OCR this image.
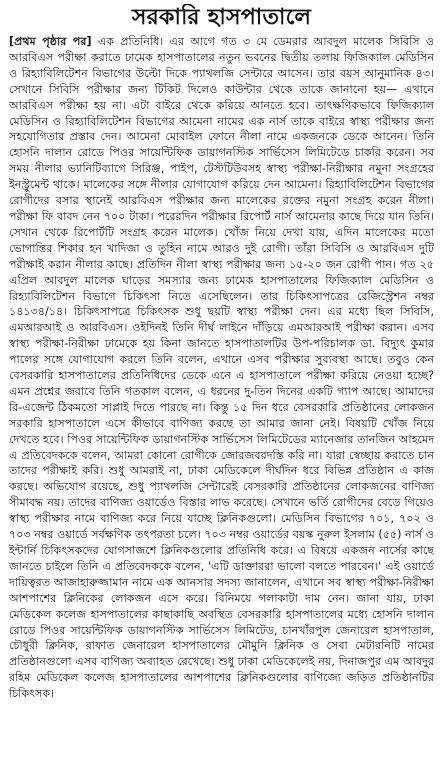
সরকারি হাসপাতালে

[প্রথম পৃষ্ঠার পর] এক প্রতিনিধি। এর আগে গত ৩ মে ডেমরার আবদুল মালেক সিবিসি ও আরবিএস পরীক্ষা করাতে ঢামেক হাসপাতালের নতুন ভবনের দ্বিতীয় তলায় ফিজিক্যাল মেডিসিন ও রিহ্যাবিলিটেশন বিভাগের উল্টো দিকে প্যাথলজি সেন্টারে আসেন। তার বয়স আনুমানিক ৪৩। সেখানে সিবিসি পরীক্ষার জন্য টিকিট দিলেও কাউন্টার থেকে তাকে জানানো হয়— এখানে আরবিএস পরীক্ষা হয় না। এটা বাইরে থেকে করিয়ে আনতে হবে। তাৎক্ষণিকভাবে ফিজিক্যাল মেডিসিন ও রিহ্যাবিলিটেশন বিভাগের আমেনা নামের এক নার্স তাকে বাইরে স্বাস্থ্য পরীক্ষার জন্য সহযোগিতার প্রস্তাব দেন। আমেনা মোবাইল ফোনে নীলা নামে একজনকে ডেকে আনেন। তিনি হোসনি দালান রোডে পিওর সায়েন্টিফিক ডায়াগনস্টিক সার্ভিসেস লিমিটেডে চাকরি করেন। সব সময় নীলার ভ্যানিটিব্যাগে সিরিঞ্জ, পাইপ, টেস্টটিউবসহ স্বাস্থ্য পরীক্ষা-নিরীক্ষার নমুনা সংগ্রহের ইনস্ট্রুমেন্ট থাকে। মালেকের সঙ্গে নীলার যোগাযোগ করিয়ে দেন আমেনা। রিহ্যাবিলিটেশন বিভাগের রোগীদের বসার স্থানেই আরবিএস পরীক্ষার জন্য মালেকের রক্তের নমুনা সংগ্রহ করেন নীলা। পরীক্ষা ফি বাবদ নেন ৭০০ টাকা। পরেরদিন পরীক্ষার রিপোর্ট নার্স আমেনার কাছে দিয়ে যান তিনি। সেখান থেকে রিপোর্টটি সংগ্রহ করেন মালেক। খোঁজ নিয়ে দেখা যায়, এদিন মালেকের মতো ভোগান্তির শিকার হন খাদিজা ও তুহিন নামে আরও দুই রোগী। তাঁরা সিবিসি ও আরবিএস দুটি পরীক্ষাই করান নীলার কাছে। প্রতিদিন নীলা স্বাস্থ্য পরীক্ষার জন্য ১৫-২০ জন রোগী পান। গত ২৫ এপ্রিল আবদুল মালেক ঘাড়ের সমস্যার জন্য ঢামেক হাসপাতালের ফিজিক্যাল মেডিসিন ও রিহ্যাবিলিটেশন বিভাগে চিকিৎসা নিতে এসেছিলেন। তার চিকিৎসাপত্রের রেজিস্ট্রেশন নম্বর ১৪১৩৪/১৪। চিকিৎসাপত্রে চিকিৎসক শুধু ছয়টি স্বাস্থ্য পরীক্ষা দেন। এর মধ্যে ছিল সিবিসি, এমআরআই ও আরবিএস। ওইদিনই তিনি দীর্ঘ লাইনে দাঁড়িয়ে এমআরআই পরীক্ষা করান। এসব স্বাস্থ্য পরীক্ষা-নিরীক্ষা ঢামেকে হয় কিনা জানতে হাসপাতালটির উপ-পরিচালক ডা. বিদ্যুৎ কুমার পালের সঙ্গে যোগাযোগ করলে তিনি বলেন, এখানে এসব পরীক্ষার সুব্যবস্থা আছে। তবুও কেন বেসরকারি হাসপাতালের প্রতিনিধিদের ডেকে এনে এ হাসপাতালে পরীক্ষা করিয়ে নেওয়া হচ্ছে? এমন প্রশ্নের জবাবে তিনি গতকাল বলেন, এ ধরনের দু-তিন দিনের একটি গ্যাপ আছে। আমাদের রি-এজেন্ট ঠিকমতো সাপ্লাই দিতে পারছে না। কিন্তু ১৫ দিন ধরে বেসরকারি প্রতিষ্ঠানের লোকজন সরকারি হাসপাতালে এসে কীভাবে বাণিজ্য করছে তা আমার জানা নেই। বিষয়টি খোঁজ নিয়ে দেখতে হবে। পিওর সায়েন্টিফিক ডায়াগনস্টিক সার্ভিসেস লিমিটেডের ম্যানেজার তানজিন আহমেদ এ প্রতিবেদককে বলেন, আমরা কোনো রোগীকে জোরজবরদস্তি করি না। যারা স্বেচ্ছায় করাতে চান তাদের পরীক্ষাই করি। শুধু আমরাই না, ঢাকা মেডিকেলে দীর্ঘদিন ধরে বিভিন্ন প্রতিষ্ঠান এ কাজ করছে। অভিযোগ রয়েছে, শুধু প্যাথলজি সেন্টারেই বেসরকারি প্রতিষ্ঠানের লোকজনের বাণিজ্য সীমাবদ্ধ নয়। তাদের বাণিজ্য ওয়ার্ডেও বিস্তার লাভ করেছে। সেখানে ভর্তি রোগীদের বেডে গিয়েও স্বাস্থ্য পরীক্ষার নামে বাণিজ্য করে নিয়ে যাচ্ছে ক্লিনিকগুলো। মেডিসিন বিভাগের ৭০১, ৭০২ ও ৭০৩ নম্বর ওয়ার্ডে সর্বক্ষণিক তৎপরতা চলে। ৭০৩ নম্বর ওয়ার্ডের বয়স্ক নুরুল ইসলাম (৫৫) নার্স ও ইন্টার্নি চিকিৎসকদের যোগসাজশে ক্লিনিকগুলোর প্রতিনিধি করে। এ বিষয়ে একজন নার্সের কাছে জানতে চাইলে তিনি এ প্রতিবেদককে বলেন, 'এটি ডাক্তাররা ভালো বলতে পারবেন।' এই ওয়ার্ডে দায়িত্বরত আজাহারুজ্জামান নামে এক আনসার সদস্য জানালেন, এখানে সব স্বাস্থ্য পরীক্ষা-নিরীক্ষা আশপাশের ক্লিনিকের লোকজন এসে করে। বিনিময়ে গলাকাটা দাম নেন। জানা যায়, ঢাকা মেডিকেল কলেজ হাসপাতালের কাছাকাছি অবস্থিত বেসরকারি হাসপাতালের মধ্যে হোসনি দালান রোডে পিওর সায়েন্টিফিক ডায়াগনস্টিক সার্ভিসেস লিমিটেড, চানখাঁরপুল জেনারেল হাসপাতাল, চৌধুরী ক্লিনিক, রাফাত জেনারেল হাসপাতালের মৌমুনি ক্লিনিক ও সেবা মেটারনিটি নামের প্রতিষ্ঠানগুলো এসব বাণিজ্য অব্যাহত রেখেছে। শুধু ঢাকা মেডিকেলেই নয়, দিনাজপুর এম আবদুর রহিম মেডিকেল কলেজ হাসপাতালের আশপাশের ক্লিনিকগুলোর বাণিজ্যে জড়িত প্রতিষ্ঠানটির চিকিৎসক।
